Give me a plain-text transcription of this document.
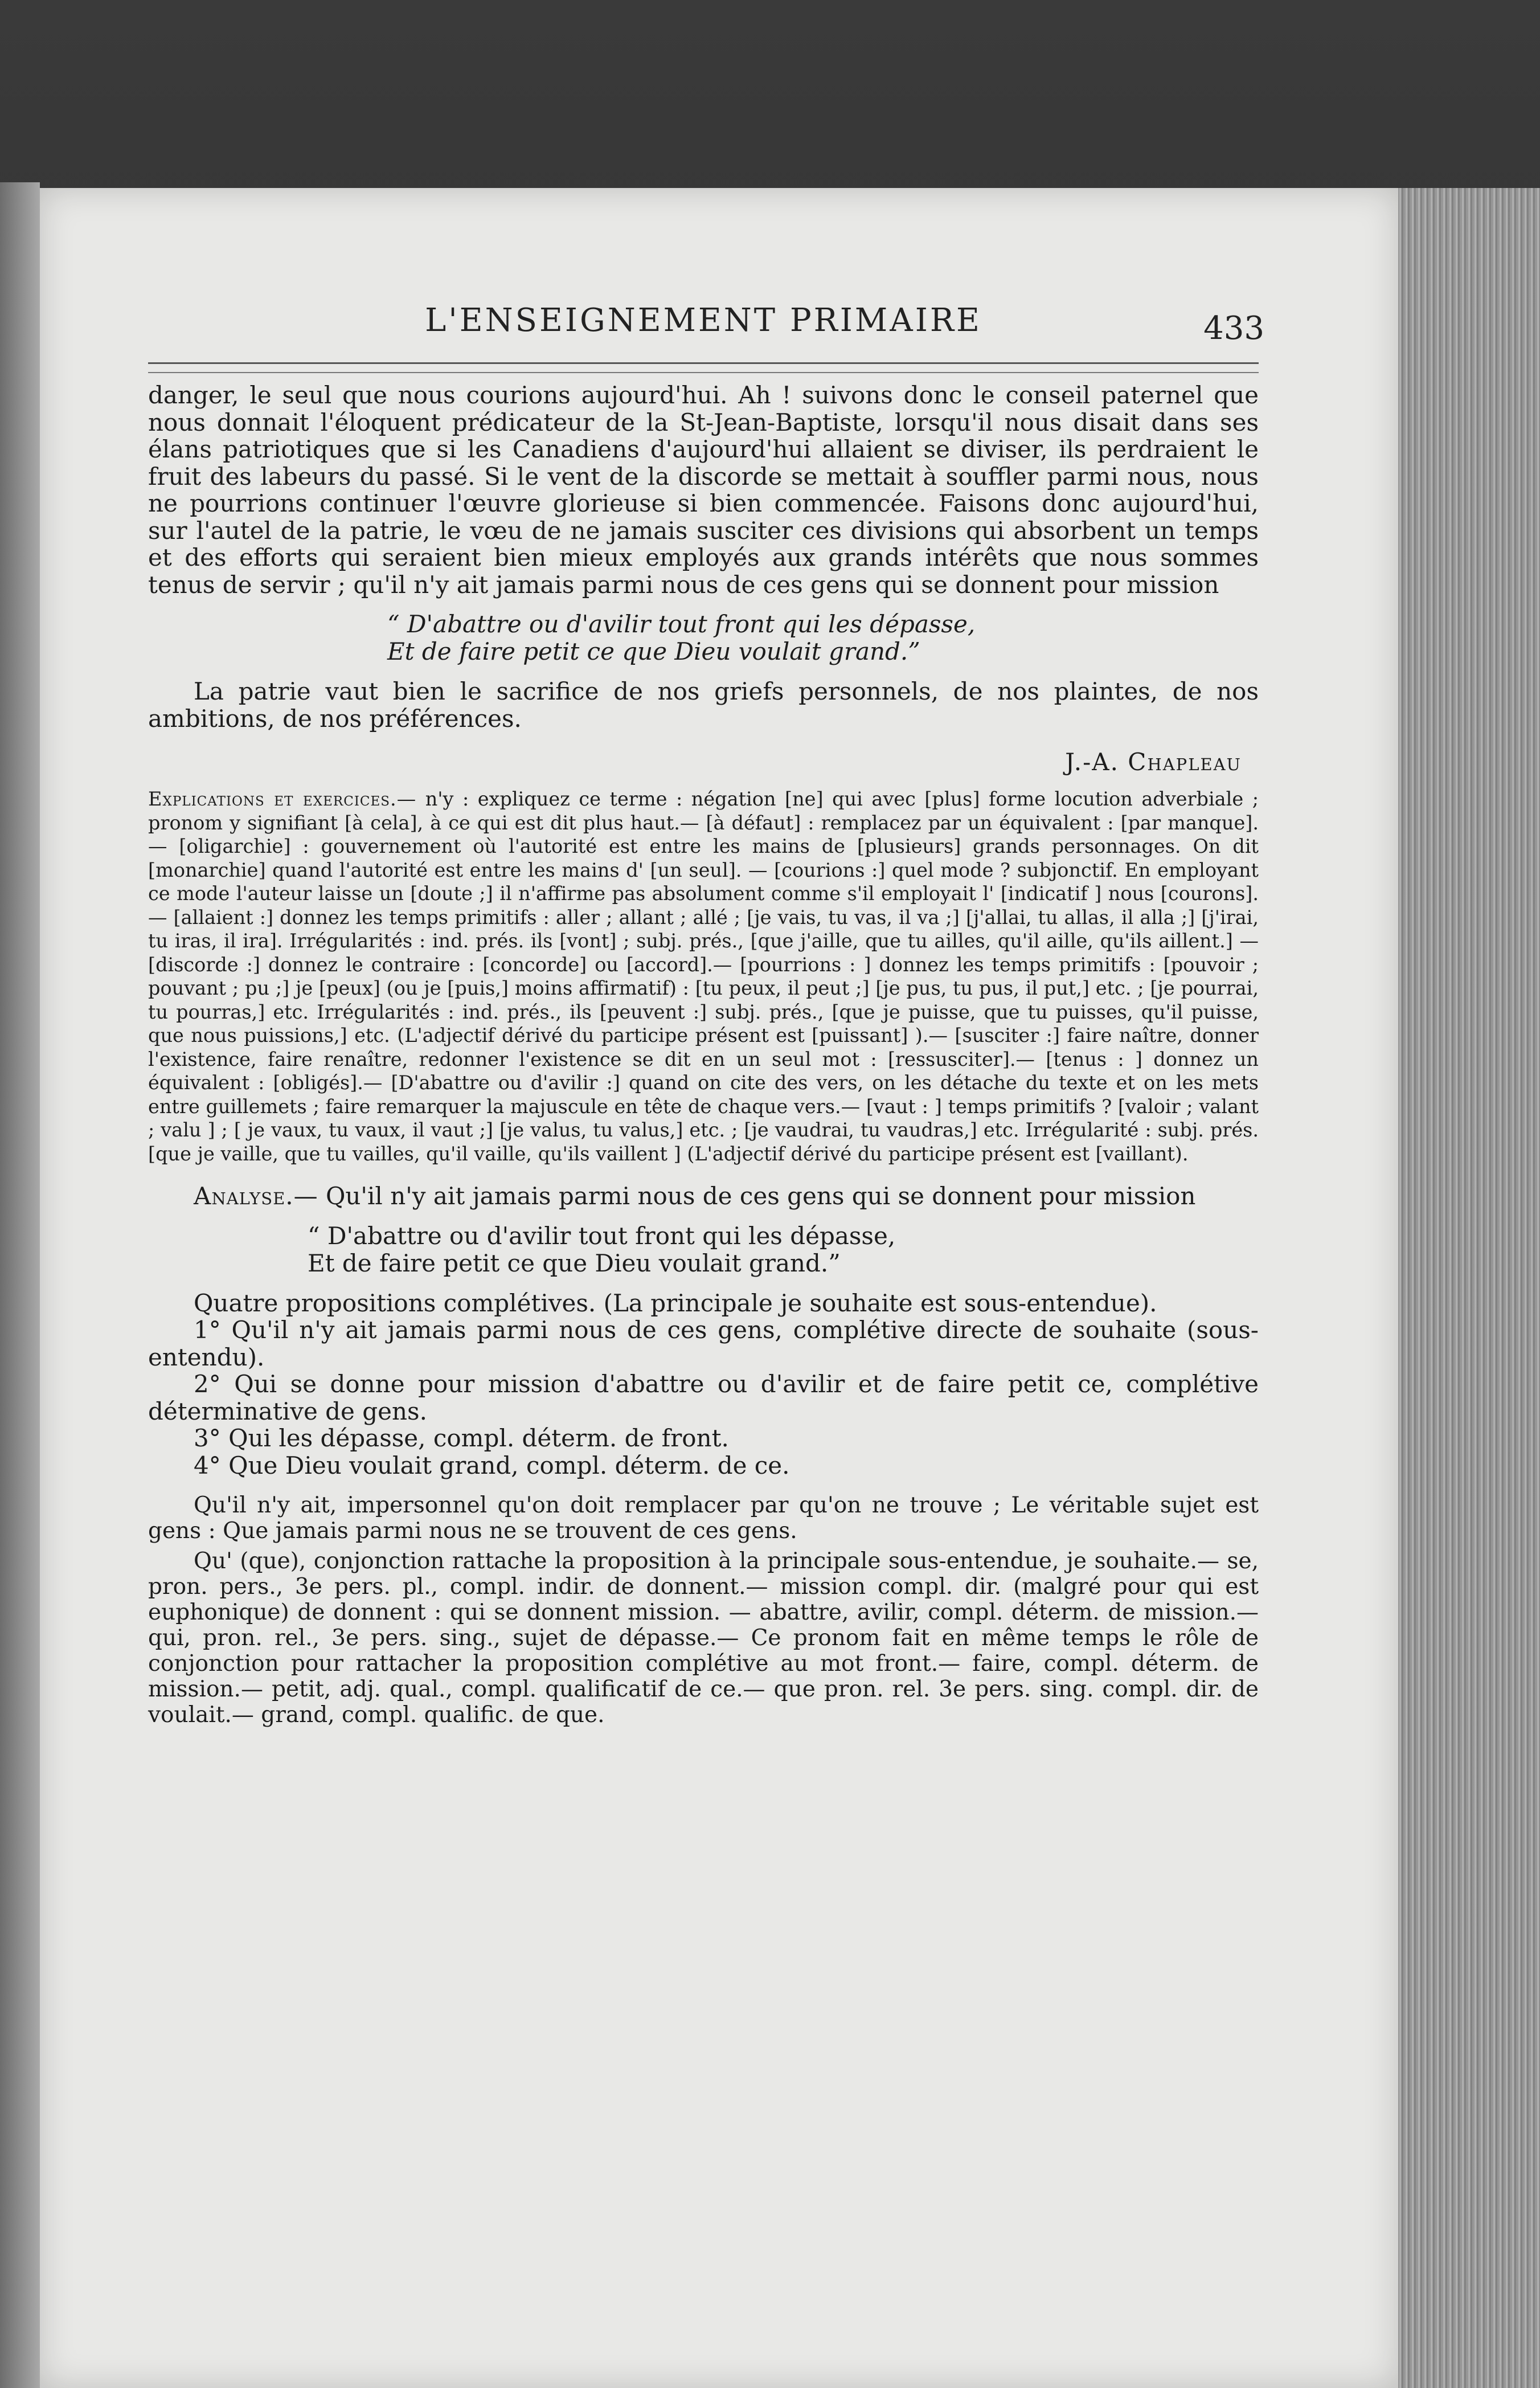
L'ENSEIGNEMENT PRIMAIRE	433

danger, le seul que nous courions aujourd'hui. Ah ! suivons donc le conseil paternel que nous donnait l'éloquent prédicateur de la St-Jean-Baptiste, lorsqu'il nous disait dans ses élans patriotiques que si les Canadiens d'aujourd'hui allaient se diviser, ils perdraient le fruit des labeurs du passé. Si le vent de la discorde se mettait à souffler parmi nous, nous ne pourrions continuer l'œuvre glorieuse si bien commencée. Faisons donc aujourd'hui, sur l'autel de la patrie, le vœu de ne jamais susciter ces divisions qui absorbent un temps et des efforts qui seraient bien mieux employés aux grands intérêts que nous sommes tenus de servir ; qu'il n'y ait jamais parmi nous de ces gens qui se donnent pour mission

“ D'abattre ou d'avilir tout front qui les dépasse,
Et de faire petit ce que Dieu voulait grand.”

La patrie vaut bien le sacrifice de nos griefs personnels, de nos plaintes, de nos ambitions, de nos préférences.

J.-A. Chapleau
Explications et exercices.— n'y : expliquez ce terme : négation [ne] qui avec [plus] forme locution adverbiale ; pronom y signifiant [à cela], à ce qui est dit plus haut.— [à défaut] : remplacez par un équivalent : [par manque].— [oligarchie] : gouvernement où l'autorité est entre les mains de [plusieurs] grands personnages. On dit [monarchie] quand l'autorité est entre les mains d' [un seul]. — [courions :] quel mode ? subjonctif. En employant ce mode l'auteur laisse un [doute ;] il n'affirme pas absolument comme s'il employait l' [indicatif ] nous [courons].— [allaient :] donnez les temps primitifs : aller ; allant ; allé ; [je vais, tu vas, il va ;] [j'allai, tu allas, il alla ;] [j'irai, tu iras, il ira]. Irrégularités : ind. prés. ils [vont] ; subj. prés., [que j'aille, que tu ailles, qu'il aille, qu'ils aillent.] — [discorde :] donnez le contraire : [concorde] ou [accord].— [pourrions : ] donnez les temps primitifs : [pouvoir ; pouvant ; pu ;] je [peux] (ou je [puis,] moins affirmatif) : [tu peux, il peut ;] [je pus, tu pus, il put,] etc. ; [je pourrai, tu pourras,] etc. Irrégularités : ind. prés., ils [peuvent :] subj. prés., [que je puisse, que tu puisses, qu'il puisse, que nous puissions,] etc. (L'adjectif dérivé du participe présent est [puissant] ).— [susciter :] faire naître, donner l'existence, faire renaître, redonner l'existence se dit en un seul mot : [ressusciter].— [tenus : ] donnez un équivalent : [obligés].— [D'abattre ou d'avilir :] quand on cite des vers, on les détache du texte et on les mets entre guillemets ; faire remarquer la majuscule en tête de chaque vers.— [vaut : ] temps primitifs ? [valoir ; valant ; valu ] ; [ je vaux, tu vaux, il vaut ;] [je valus, tu valus,] etc. ; [je vaudrai, tu vaudras,] etc. Irrégularité : subj. prés. [que je vaille, que tu vailles, qu'il vaille, qu'ils vaillent ] (L'adjectif dérivé du participe présent est [vaillant).

Analyse.— Qu'il n'y ait jamais parmi nous de ces gens qui se donnent pour mission

“ D'abattre ou d'avilir tout front qui les dépasse,
Et de faire petit ce que Dieu voulait grand.”

Quatre propositions complétives. (La principale je souhaite est sous-entendue).

1° Qu'il n'y ait jamais parmi nous de ces gens, complétive directe de souhaite (sous-entendu).

2° Qui se donne pour mission d'abattre ou d'avilir et de faire petit ce, complétive déterminative de gens.

3° Qui les dépasse, compl. déterm. de front.

4° Que Dieu voulait grand, compl. déterm. de ce.

Qu'il n'y ait, impersonnel qu'on doit remplacer par qu'on ne trouve ; Le véritable sujet est gens : Que jamais parmi nous ne se trouvent de ces gens.

Qu' (que), conjonction rattache la proposition à la principale sous-entendue, je souhaite.— se, pron. pers., 3e pers. pl., compl. indir. de donnent.— mission compl. dir. (malgré pour qui est euphonique) de donnent : qui se donnent mission. — abattre, avilir, compl. déterm. de mission.— qui, pron. rel., 3e pers. sing., sujet de dépasse.— Ce pronom fait en même temps le rôle de conjonction pour rattacher la proposition complétive au mot front.— faire, compl. déterm. de mission.— petit, adj. qual., compl. qualificatif de ce.— que pron. rel. 3e pers. sing. compl. dir. de voulait.— grand, compl. qualific. de que.
